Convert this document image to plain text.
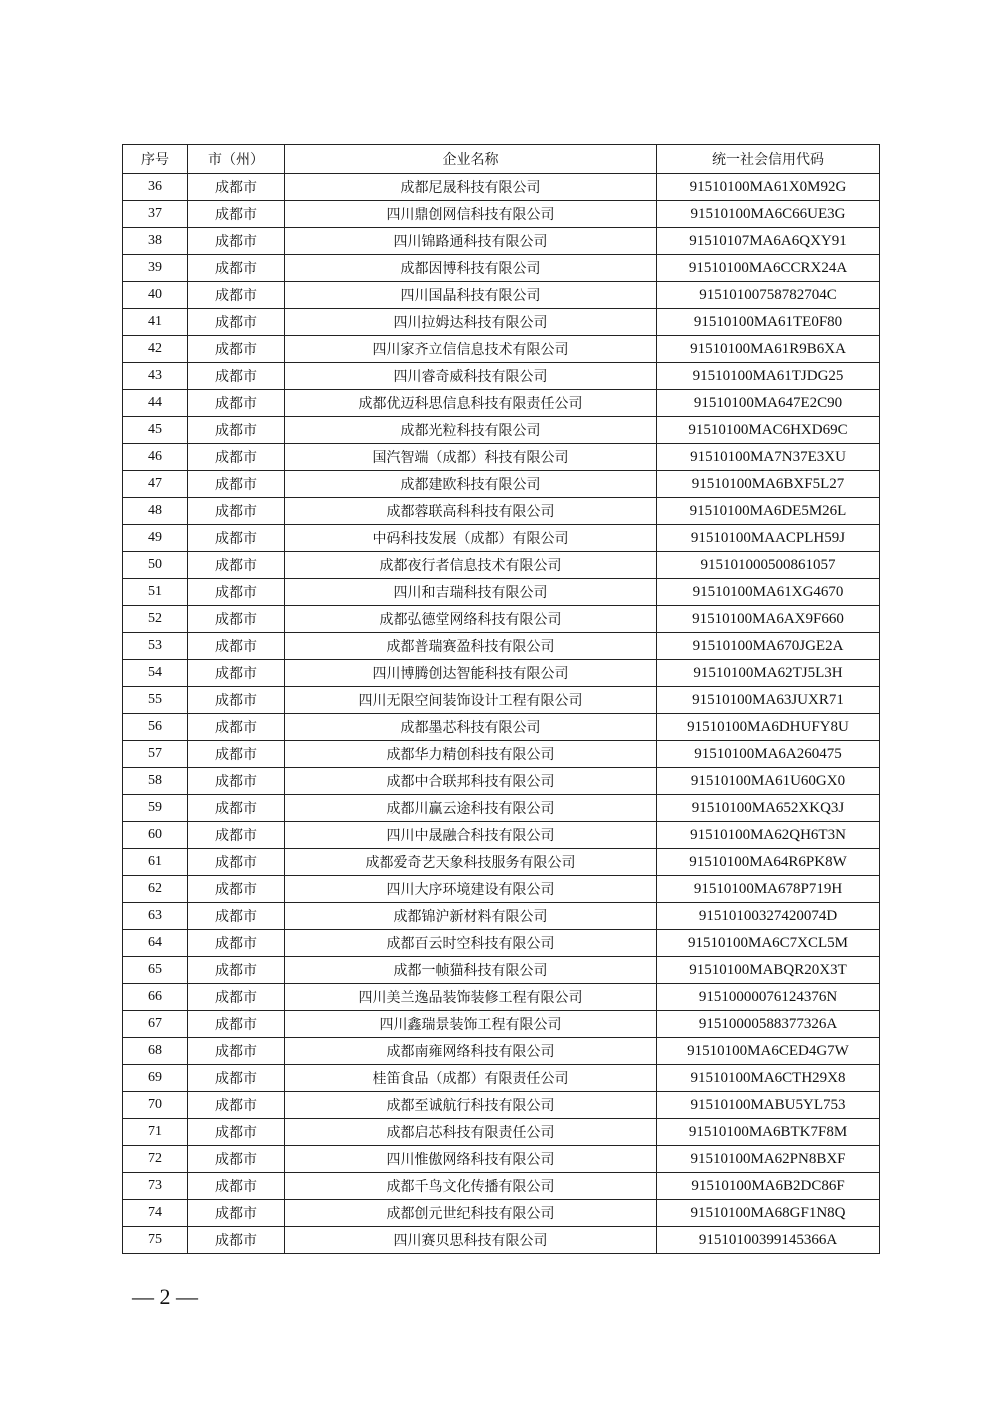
序号	市（州）	企业名称	统一社会信用代码
36	成都市	成都尼晟科技有限公司	91510100MA61X0M92G
37	成都市	四川鼎创网信科技有限公司	91510100MA6C66UE3G
38	成都市	四川锦路通科技有限公司	91510107MA6A6QXY91
39	成都市	成都因博科技有限公司	91510100MA6CCRX24A
40	成都市	四川国晶科技有限公司	91510100758782704C
41	成都市	四川拉姆达科技有限公司	91510100MA61TE0F80
42	成都市	四川家齐立信信息技术有限公司	91510100MA61R9B6XA
43	成都市	四川睿奇威科技有限公司	91510100MA61TJDG25
44	成都市	成都优迈科思信息科技有限责任公司	91510100MA647E2C90
45	成都市	成都光粒科技有限公司	91510100MAC6HXD69C
46	成都市	国汽智端（成都）科技有限公司	91510100MA7N37E3XU
47	成都市	成都建欧科技有限公司	91510100MA6BXF5L27
48	成都市	成都蓉联高科科技有限公司	91510100MA6DE5M26L
49	成都市	中码科技发展（成都）有限公司	91510100MAACPLH59J
50	成都市	成都夜行者信息技术有限公司	915101000500861057
51	成都市	四川和吉瑞科技有限公司	91510100MA61XG4670
52	成都市	成都弘德堂网络科技有限公司	91510100MA6AX9F660
53	成都市	成都普瑞赛盈科技有限公司	91510100MA670JGE2A
54	成都市	四川博腾创达智能科技有限公司	91510100MA62TJ5L3H
55	成都市	四川无限空间装饰设计工程有限公司	91510100MA63JUXR71
56	成都市	成都墨芯科技有限公司	91510100MA6DHUFY8U
57	成都市	成都华力精创科技有限公司	91510100MA6A260475
58	成都市	成都中合联邦科技有限公司	91510100MA61U60GX0
59	成都市	成都川赢云途科技有限公司	91510100MA652XKQ3J
60	成都市	四川中晟融合科技有限公司	91510100MA62QH6T3N
61	成都市	成都爱奇艺天象科技服务有限公司	91510100MA64R6PK8W
62	成都市	四川大序环境建设有限公司	91510100MA678P719H
63	成都市	成都锦沪新材料有限公司	91510100327420074D
64	成都市	成都百云时空科技有限公司	91510100MA6C7XCL5M
65	成都市	成都一帧猫科技有限公司	91510100MABQR20X3T
66	成都市	四川美兰逸品装饰装修工程有限公司	91510000076124376N
67	成都市	四川鑫瑞景装饰工程有限公司	91510000588377326A
68	成都市	成都南雍网络科技有限公司	91510100MA6CED4G7W
69	成都市	桂笛食品（成都）有限责任公司	91510100MA6CTH29X8
70	成都市	成都至诚航行科技有限公司	91510100MABU5YL753
71	成都市	成都启芯科技有限责任公司	91510100MA6BTK7F8M
72	成都市	四川惟傲网络科技有限公司	91510100MA62PN8BXF
73	成都市	成都千鸟文化传播有限公司	91510100MA6B2DC86F
74	成都市	成都创元世纪科技有限公司	91510100MA68GF1N8Q
75	成都市	四川赛贝思科技有限公司	91510100399145366A
— 2 —
